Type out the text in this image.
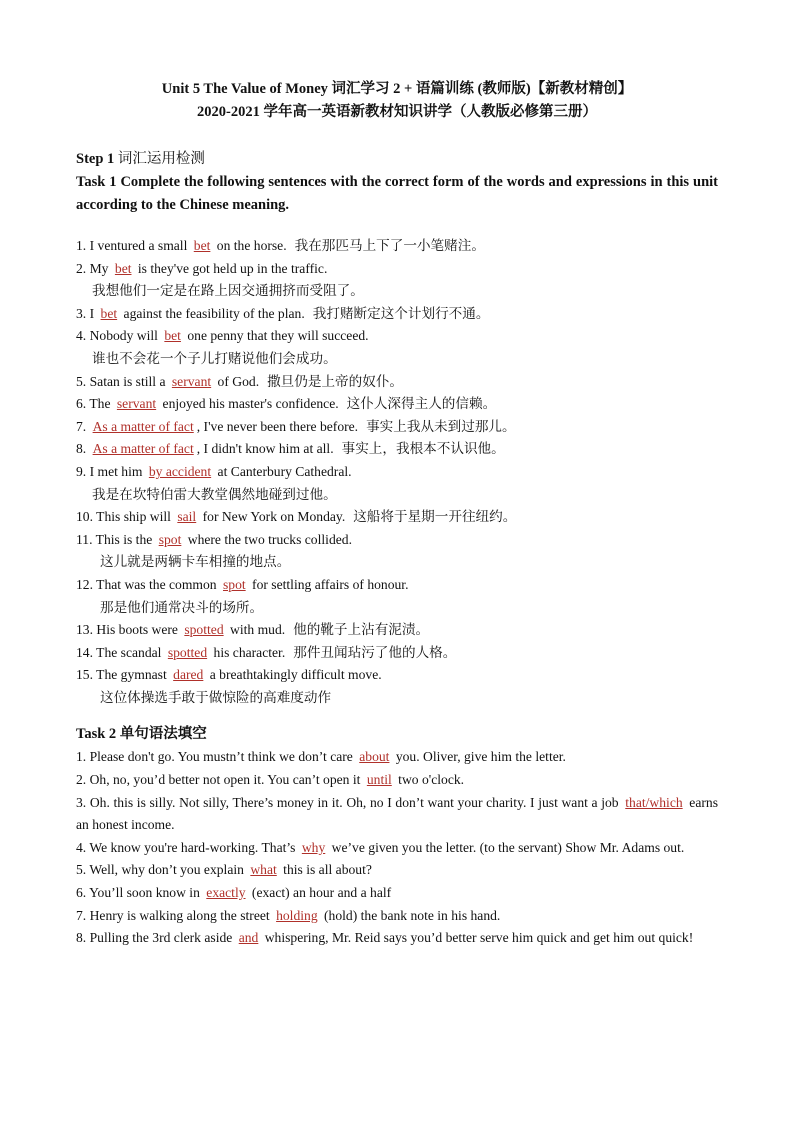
Unit 5 The Value of Money 词汇学习 2 + 语篇训练 (教师版)【新教材精创】
2020-2021 学年高一英语新教材知识讲学（人教版必修第三册）
Step 1 词汇运用检测
Task 1 Complete the following sentences with the correct form of the words and expressions in this unit according to the Chinese meaning.
1. I ventured a small bet on the horse. 我在那匹马上下了一小笔赌注。
2. My bet is they've got held up in the traffic.
我想他们一定是在路上因交通拥挤而受阻了。
3. I bet against the feasibility of the plan. 我打赌断定这个计划行不通。
4. Nobody will bet one penny that they will succeed.
谁也不会花一个子儿打赌说他们会成功。
5. Satan is still a servant of God. 撒旦仍是上帝的奴仆。
6. The servant enjoyed his master's confidence. 这仆人深得主人的信赖。
7. As a matter of fact , I've never been there before. 事实上我从未到过那儿。
8. As a matter of fact , I didn't know him at all. 事实上，我根本不认识他。
9. I met him by accident at Canterbury Cathedral.
我是在坎特伯雷大教堂偶然地碰到过他。
10. This ship will sail for New York on Monday. 这船将于星期一开往纽约。
11. This is the spot where the two trucks collided.
这儿就是两辆卡车相撞的地点。
12. That was the common spot for settling affairs of honour.
那是他们通常决斗的场所。
13. His boots were spotted with mud. 他的靴子上沾有泥渍。
14. The scandal spotted his character. 那件丑闻玷污了他的人格。
15. The gymnast dared a breathtakingly difficult move.
这位体操选手敢于做惊险的高难度动作
Task 2 单句语法填空
1. Please don't go. You mustn’t think we don’t care about you. Oliver, give him the letter.
2. Oh, no, you’d better not open it. You can’t open it until two o'clock.
3. Oh. this is silly. Not silly, There’s money in it. Oh, no I don’t want your charity. I just want a job that/which earns an honest income.
4. We know you're hard-working. That’s why we’ve given you the letter. (to the servant) Show Mr. Adams out.
5. Well, why don’t you explain what this is all about?
6. You’ll soon know in exactly (exact) an hour and a half
7. Henry is walking along the street holding (hold) the bank note in his hand.
8. Pulling the 3rd clerk aside and whispering, Mr. Reid says you’d better serve him quick and get him out quick!
